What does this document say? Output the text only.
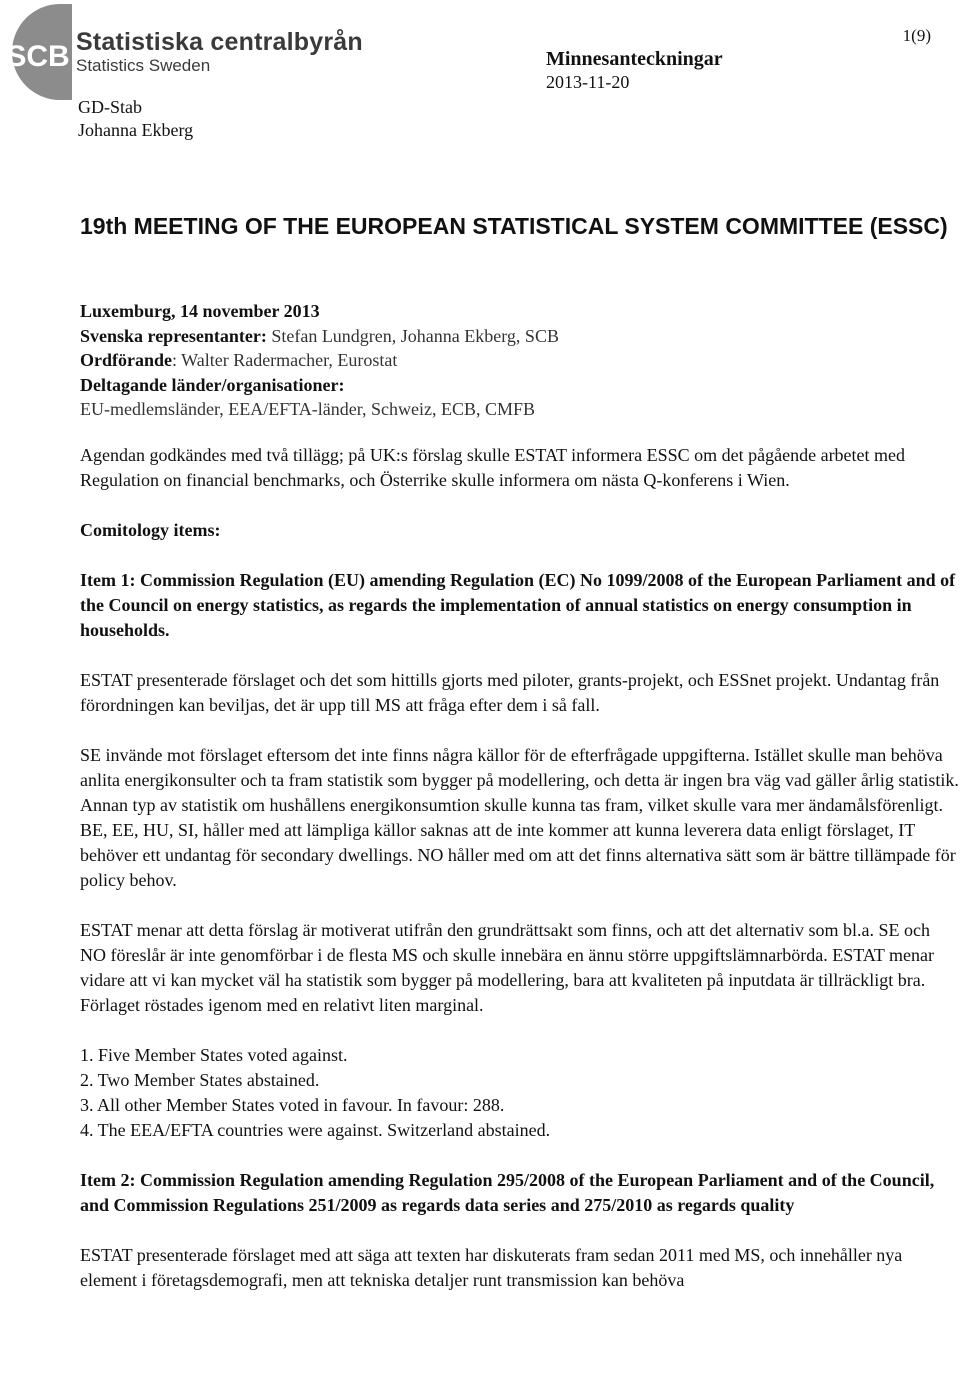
SCB Statistiska centralbyrån
Statistics Sweden
1(9)
Minnesanteckningar
2013-11-20
GD-Stab
Johanna Ekberg
19th MEETING OF THE EUROPEAN STATISTICAL SYSTEM COMMITTEE (ESSC)
Luxemburg, 14 november 2013
Svenska representanter: Stefan Lundgren, Johanna Ekberg, SCB
Ordförande: Walter Radermacher, Eurostat
Deltagande länder/organisationer:
EU-medlemsländer, EEA/EFTA-länder, Schweiz, ECB, CMFB

Agendan godkändes med två tillägg; på UK:s förslag skulle ESTAT informera ESSC om det pågående arbetet med Regulation on financial benchmarks, och Österrike skulle informera om nästa Q-konferens i Wien.

Comitology items:

Item 1: Commission Regulation (EU) amending Regulation (EC) No 1099/2008 of the European Parliament and of the Council on energy statistics, as regards the implementation of annual statistics on energy consumption in households.

ESTAT presenterade förslaget och det som hittills gjorts med piloter, grants-projekt, och ESSnet projekt. Undantag från förordningen kan beviljas, det är upp till MS att fråga efter dem i så fall.

SE invände mot förslaget eftersom det inte finns några källor för de efterfrågade uppgifterna. Istället skulle man behöva anlita energikonsulter och ta fram statistik som bygger på modellering, och detta är ingen bra väg vad gäller årlig statistik. Annan typ av statistik om hushållens energikonsumtion skulle kunna tas fram, vilket skulle vara mer ändamålsförenligt. BE, EE, HU, SI, håller med att lämpliga källor saknas att de inte kommer att kunna leverera data enligt förslaget, IT behöver ett undantag för secondary dwellings. NO håller med om att det finns alternativa sätt som är bättre tillämpade för policy behov.

ESTAT menar att detta förslag är motiverat utifrån den grundrättsakt som finns, och att det alternativ som bl.a. SE och NO föreslår är inte genomförbar i de flesta MS och skulle innebära en ännu större uppgiftslämnarbörda. ESTAT menar vidare att vi kan mycket väl ha statistik som bygger på modellering, bara att kvaliteten på inputdata är tillräckligt bra. Förlaget röstades igenom med en relativt liten marginal.

1. Five Member States voted against.
2. Two Member States abstained.
3. All other Member States voted in favour. In favour: 288.
4. The EEA/EFTA countries were against. Switzerland abstained.

Item 2: Commission Regulation amending Regulation 295/2008 of the European Parliament and of the Council, and Commission Regulations 251/2009 as regards data series and 275/2010 as regards quality

ESTAT presenterade förslaget med att säga att texten har diskuterats fram sedan 2011 med MS, och innehåller nya element i företagsdemografi, men att tekniska detaljer runt transmission kan behöva
